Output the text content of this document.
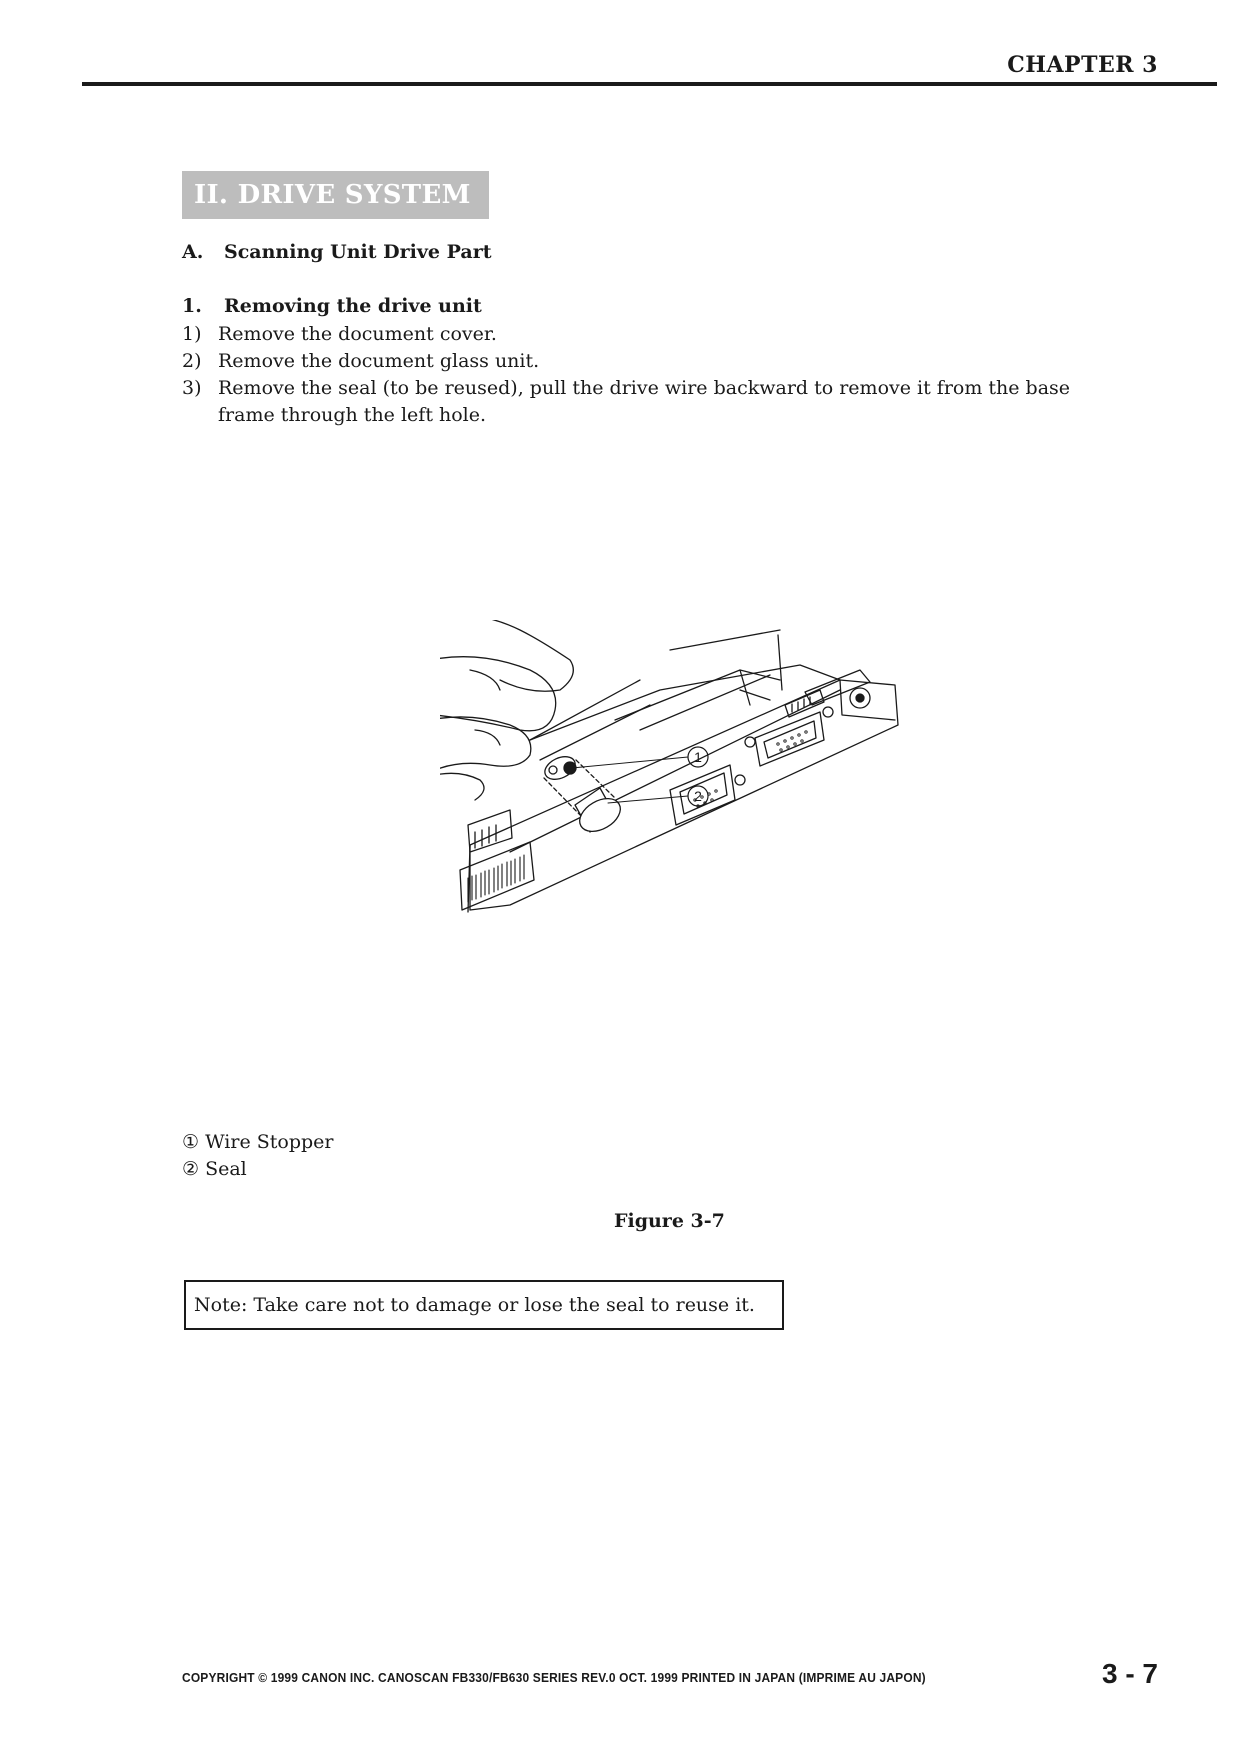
CHAPTER 3
II. DRIVE SYSTEM
A. Scanning Unit Drive Part
1. Removing the drive unit
1) Remove the document cover.
2) Remove the document glass unit.
3) Remove the seal (to be reused), pull the drive wire backward to remove it from the base frame through the left hole.
1
2
① Wire Stopper
② Seal
Figure 3-7
Note: Take care not to damage or lose the seal to reuse it.
COPYRIGHT © 1999 CANON INC. CANOSCAN FB330/FB630 SERIES REV.0 OCT. 1999 PRINTED IN JAPAN (IMPRIME AU JAPON)	3 - 7
